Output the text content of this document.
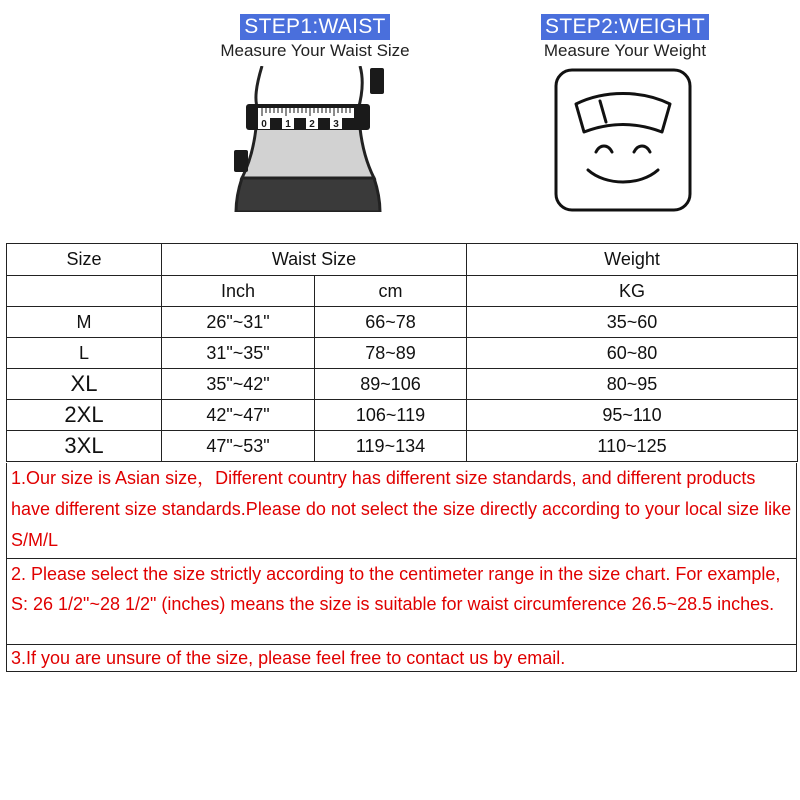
STEP1:WAIST
Measure Your Waist Size
0 1 2 3
STEP2:WEIGHT
Measure Your Weight
Size	Waist Size		Weight
	Inch	cm	KG
M	26"~31"	66~78	35~60
L	31"~35"	78~89	60~80
XL	35"~42"	89~106	80~95
2XL	42"~47"	106~119	95~110
3XL	47"~53"	119~134	110~125
1.Our size is Asian size，Different country has different size standards, and different products have different size standards.Please do not select the size directly according to your local size like S/M/L
2. Please select the size strictly according to the centimeter range in the size chart. For example, S: 26 1/2"~28 1/2" (inches) means the size is suitable for waist circumference 26.5~28.5 inches.
3.If you are unsure of the size, please feel free to contact us by email.
